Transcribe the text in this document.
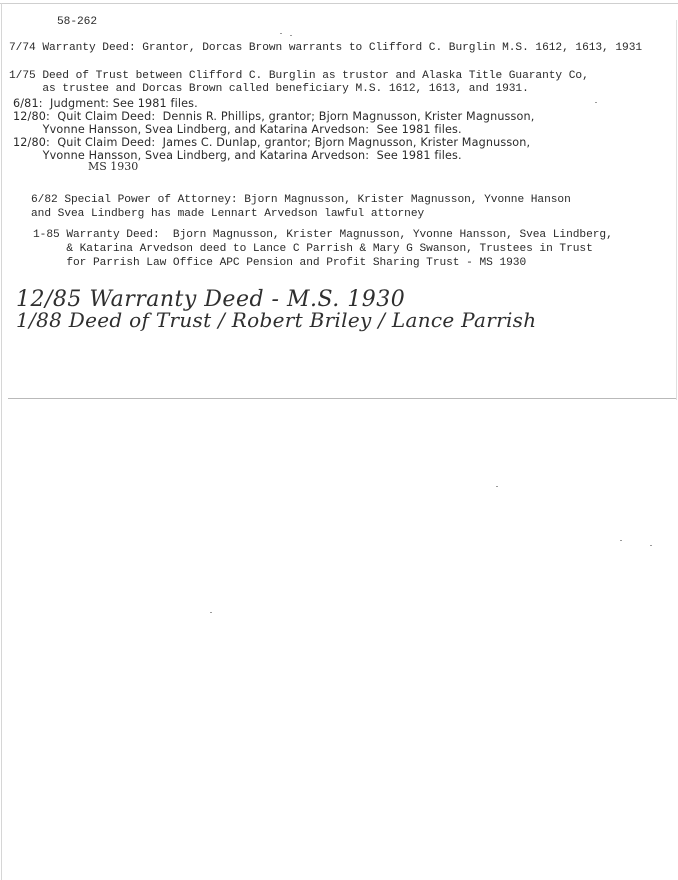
58-262
7/74 Warranty Deed: Grantor, Dorcas Brown warrants to Clifford C. Burglin M.S. 1612, 1613, 1931
1/75 Deed of Trust between Clifford C. Burglin as trustor and Alaska Title Guaranty Co,
as trustee and Dorcas Brown called beneficiary M.S. 1612, 1613, and 1931.
6/81:  Judgment: See 1981 files.
12/80:  Quit Claim Deed:  Dennis R. Phillips, grantor; Bjorn Magnusson, Krister Magnusson,
Yvonne Hansson, Svea Lindberg, and Katarina Arvedson:  See 1981 files.
12/80:  Quit Claim Deed:  James C. Dunlap, grantor; Bjorn Magnusson, Krister Magnusson,
Yvonne Hansson, Svea Lindberg, and Katarina Arvedson:  See 1981 files.
MS 1930
6/82 Special Power of Attorney: Bjorn Magnusson, Krister Magnusson, Yvonne Hanson
and Svea Lindberg has made Lennart Arvedson lawful attorney
1-85 Warranty Deed:  Bjorn Magnusson, Krister Magnusson, Yvonne Hansson, Svea Lindberg,
& Katarina Arvedson deed to Lance C Parrish & Mary G Swanson, Trustees in Trust
for Parrish Law Office APC Pension and Profit Sharing Trust - MS 1930
12/85 Warranty Deed - M.S. 1930
1/88 Deed of Trust / Robert Briley / Lance Parrish
